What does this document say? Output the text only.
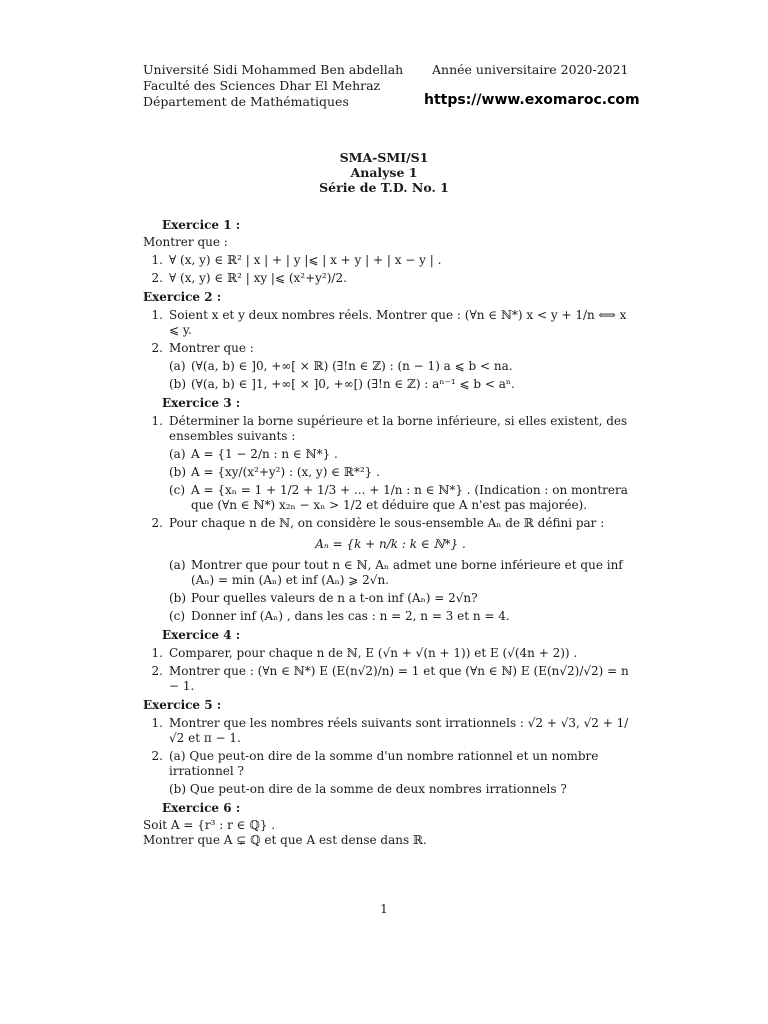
Université Sidi Mohammed Ben abdellah
Faculté des Sciences Dhar El Mehraz
Département de Mathématiques
Année universitaire 2020-2021
https://www.exomaroc.com
SMA-SMI/S1
Analyse 1
Série de T.D. No. 1
Exercice 1 :
Montrer que :
1. ∀ (x, y) ∈ ℝ² | x | + | y |⩽ | x + y | + | x − y | .
2. ∀ (x, y) ∈ ℝ² | xy |⩽ (x²+y²)/2.
Exercice 2 :
1. Soient x et y deux nombres réels. Montrer que : (∀n ∈ ℕ*) x < y + 1/n ⟺ x ⩽ y.
2. Montrer que :
(a) (∀(a, b) ∈ ]0, +∞[ × ℝ) (∃!n ∈ ℤ) : (n − 1) a ⩽ b < na.
(b) (∀(a, b) ∈ ]1, +∞[ × ]0, +∞[) (∃!n ∈ ℤ) : aⁿ⁻¹ ⩽ b < aⁿ.
Exercice 3 :
1. Déterminer la borne supérieure et la borne inférieure, si elles existent, des ensembles suivants :
(a) A = {1 − 2/n : n ∈ ℕ*} .
(b) A = {xy/(x²+y²) : (x, y) ∈ ℝ*²} .
(c) A = {xₙ = 1 + 1/2 + 1/3 + ... + 1/n : n ∈ ℕ*} . (Indication : on montrera que (∀n ∈ ℕ*) x₂ₙ − xₙ > 1/2 et déduire que A n'est pas majorée).
2. Pour chaque n de ℕ, on considère le sous-ensemble Aₙ de ℝ défini par :
Aₙ = {k + n/k : k ∈ ℕ*} .
(a) Montrer que pour tout n ∈ ℕ, Aₙ admet une borne inférieure et que inf (Aₙ) = min (Aₙ) et inf (Aₙ) ⩾ 2√n.
(b) Pour quelles valeurs de n a t-on inf (Aₙ) = 2√n?
(c) Donner inf (Aₙ) , dans les cas : n = 2, n = 3 et n = 4.
Exercice 4 :
1. Comparer, pour chaque n de ℕ, E (√n + √(n + 1)) et E (√(4n + 2)) .
2. Montrer que : (∀n ∈ ℕ*) E (E(n√2)/n) = 1 et que (∀n ∈ ℕ) E (E(n√2)/√2) = n − 1.
Exercice 5 :
1. Montrer que les nombres réels suivants sont irrationnels : √2 + √3, √2 + 1/√2 et π − 1.
2. (a) Que peut-on dire de la somme d'un nombre rationnel et un nombre irrationnel ?
(b) Que peut-on dire de la somme de deux nombres irrationnels ?
Exercice 6 :
Soit A = {r³ : r ∈ ℚ} .
Montrer que A ⊊ ℚ et que A est dense dans ℝ.
1
